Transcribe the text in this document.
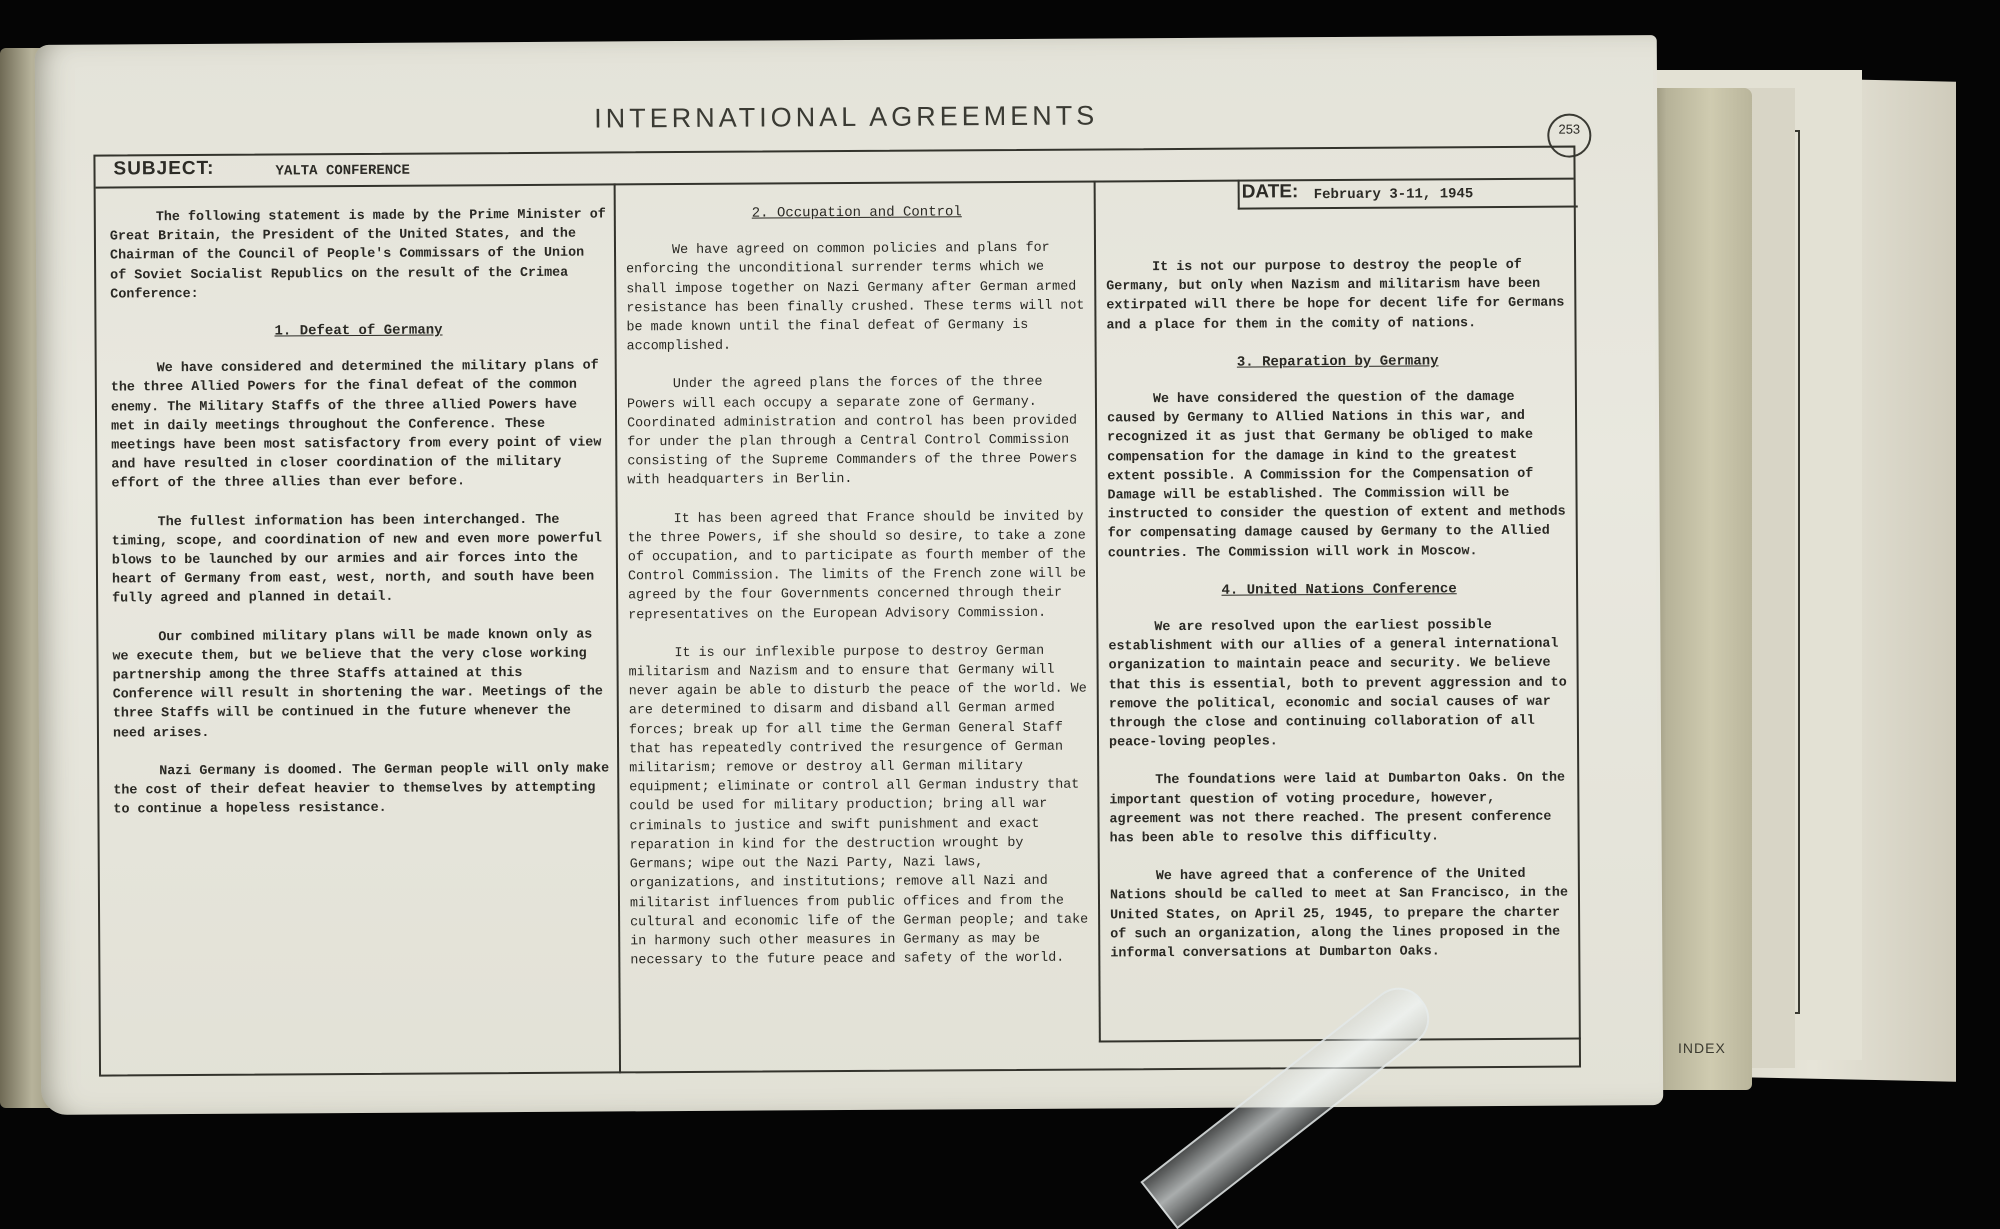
INDEX
INTERNATIONAL AGREEMENTS	253
SUBJECT:	YALTA CONFERENCE
DATE: February 3-11, 1945

The following statement is made by the Prime Minister of Great Britain, the President of the United States, and the Chairman of the Council of People's Commissars of the Union of Soviet Socialist Republics on the result of the Crimea Conference:

1. Defeat of Germany

We have considered and determined the military plans of the three Allied Powers for the final defeat of the common enemy. The Military Staffs of the three allied Powers have met in daily meetings throughout the Conference. These meetings have been most satisfactory from every point of view and have resulted in closer coordination of the military effort of the three allies than ever before.

The fullest information has been interchanged. The timing, scope, and coordination of new and even more powerful blows to be launched by our armies and air forces into the heart of Germany from east, west, north, and south have been fully agreed and planned in detail.

Our combined military plans will be made known only as we execute them, but we believe that the very close working partnership among the three Staffs attained at this Conference will result in shortening the war. Meetings of the three Staffs will be continued in the future whenever the need arises.

Nazi Germany is doomed. The German people will only make the cost of their defeat heavier to themselves by attempting to continue a hopeless resistance.

2. Occupation and Control

We have agreed on common policies and plans for enforcing the unconditional surrender terms which we shall impose together on Nazi Germany after German armed resistance has been finally crushed. These terms will not be made known until the final defeat of Germany is accomplished.

Under the agreed plans the forces of the three Powers will each occupy a separate zone of Germany. Coordinated administration and control has been provided for under the plan through a Central Control Commission consisting of the Supreme Commanders of the three Powers with headquarters in Berlin.

It has been agreed that France should be invited by the three Powers, if she should so desire, to take a zone of occupation, and to participate as fourth member of the Control Commission. The limits of the French zone will be agreed by the four Governments concerned through their representatives on the European Advisory Commission.

It is our inflexible purpose to destroy German militarism and Nazism and to ensure that Germany will never again be able to disturb the peace of the world. We are determined to disarm and disband all German armed forces; break up for all time the German General Staff that has repeatedly contrived the resurgence of German militarism; remove or destroy all German military equipment; eliminate or control all German industry that could be used for military production; bring all war criminals to justice and swift punishment and exact reparation in kind for the destruction wrought by Germans; wipe out the Nazi Party, Nazi laws, organizations, and institutions; remove all Nazi and militarist influences from public offices and from the cultural and economic life of the German people; and take in harmony such other measures in Germany as may be necessary to the future peace and safety of the world.

It is not our purpose to destroy the people of Germany, but only when Nazism and militarism have been extirpated will there be hope for decent life for Germans and a place for them in the comity of nations.

3. Reparation by Germany

We have considered the question of the damage caused by Germany to Allied Nations in this war, and recognized it as just that Germany be obliged to make compensation for the damage in kind to the greatest extent possible. A Commission for the Compensation of Damage will be established. The Commission will be instructed to consider the question of extent and methods for compensating damage caused by Germany to the Allied countries. The Commission will work in Moscow.

4. United Nations Conference

We are resolved upon the earliest possible establishment with our allies of a general international organization to maintain peace and security. We believe that this is essential, both to prevent aggression and to remove the political, economic and social causes of war through the close and continuing collaboration of all peace-loving peoples.

The foundations were laid at Dumbarton Oaks. On the important question of voting procedure, however, agreement was not there reached. The present conference has been able to resolve this difficulty.

We have agreed that a conference of the United Nations should be called to meet at San Francisco, in the United States, on April 25, 1945, to prepare the charter of such an organization, along the lines proposed in the informal conversations at Dumbarton Oaks.
